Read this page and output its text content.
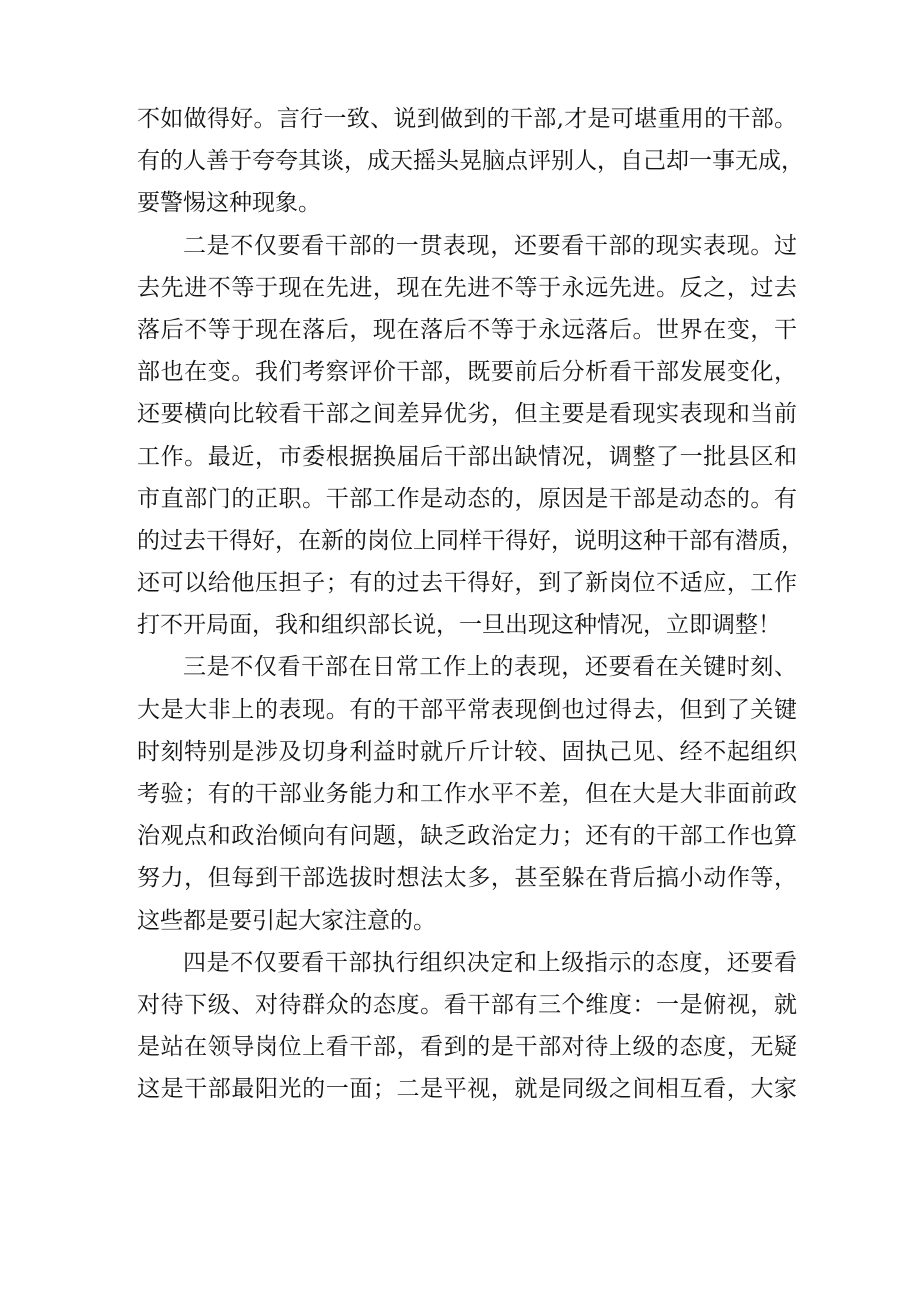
不如做得好。言行一致、说到做到的干部,才是可堪重用的干部。
有的人善于夸夸其谈，成天摇头晃脑点评别人，自己却一事无成，
要警惕这种现象。
二是不仅要看干部的一贯表现，还要看干部的现实表现。过
去先进不等于现在先进，现在先进不等于永远先进。反之，过去
落后不等于现在落后，现在落后不等于永远落后。世界在变，干
部也在变。我们考察评价干部，既要前后分析看干部发展变化，
还要横向比较看干部之间差异优劣，但主要是看现实表现和当前
工作。最近，市委根据换届后干部出缺情况，调整了一批县区和
市直部门的正职。干部工作是动态的，原因是干部是动态的。有
的过去干得好，在新的岗位上同样干得好，说明这种干部有潜质，
还可以给他压担子；有的过去干得好，到了新岗位不适应，工作
打不开局面，我和组织部长说，一旦出现这种情况，立即调整！
三是不仅看干部在日常工作上的表现，还要看在关键时刻、
大是大非上的表现。有的干部平常表现倒也过得去，但到了关键
时刻特别是涉及切身利益时就斤斤计较、固执己见、经不起组织
考验；有的干部业务能力和工作水平不差，但在大是大非面前政
治观点和政治倾向有问题，缺乏政治定力；还有的干部工作也算
努力，但每到干部选拔时想法太多，甚至躲在背后搞小动作等，
这些都是要引起大家注意的。
四是不仅要看干部执行组织决定和上级指示的态度，还要看
对待下级、对待群众的态度。看干部有三个维度：一是俯视，就
是站在领导岗位上看干部，看到的是干部对待上级的态度，无疑
这是干部最阳光的一面；二是平视，就是同级之间相互看，大家
